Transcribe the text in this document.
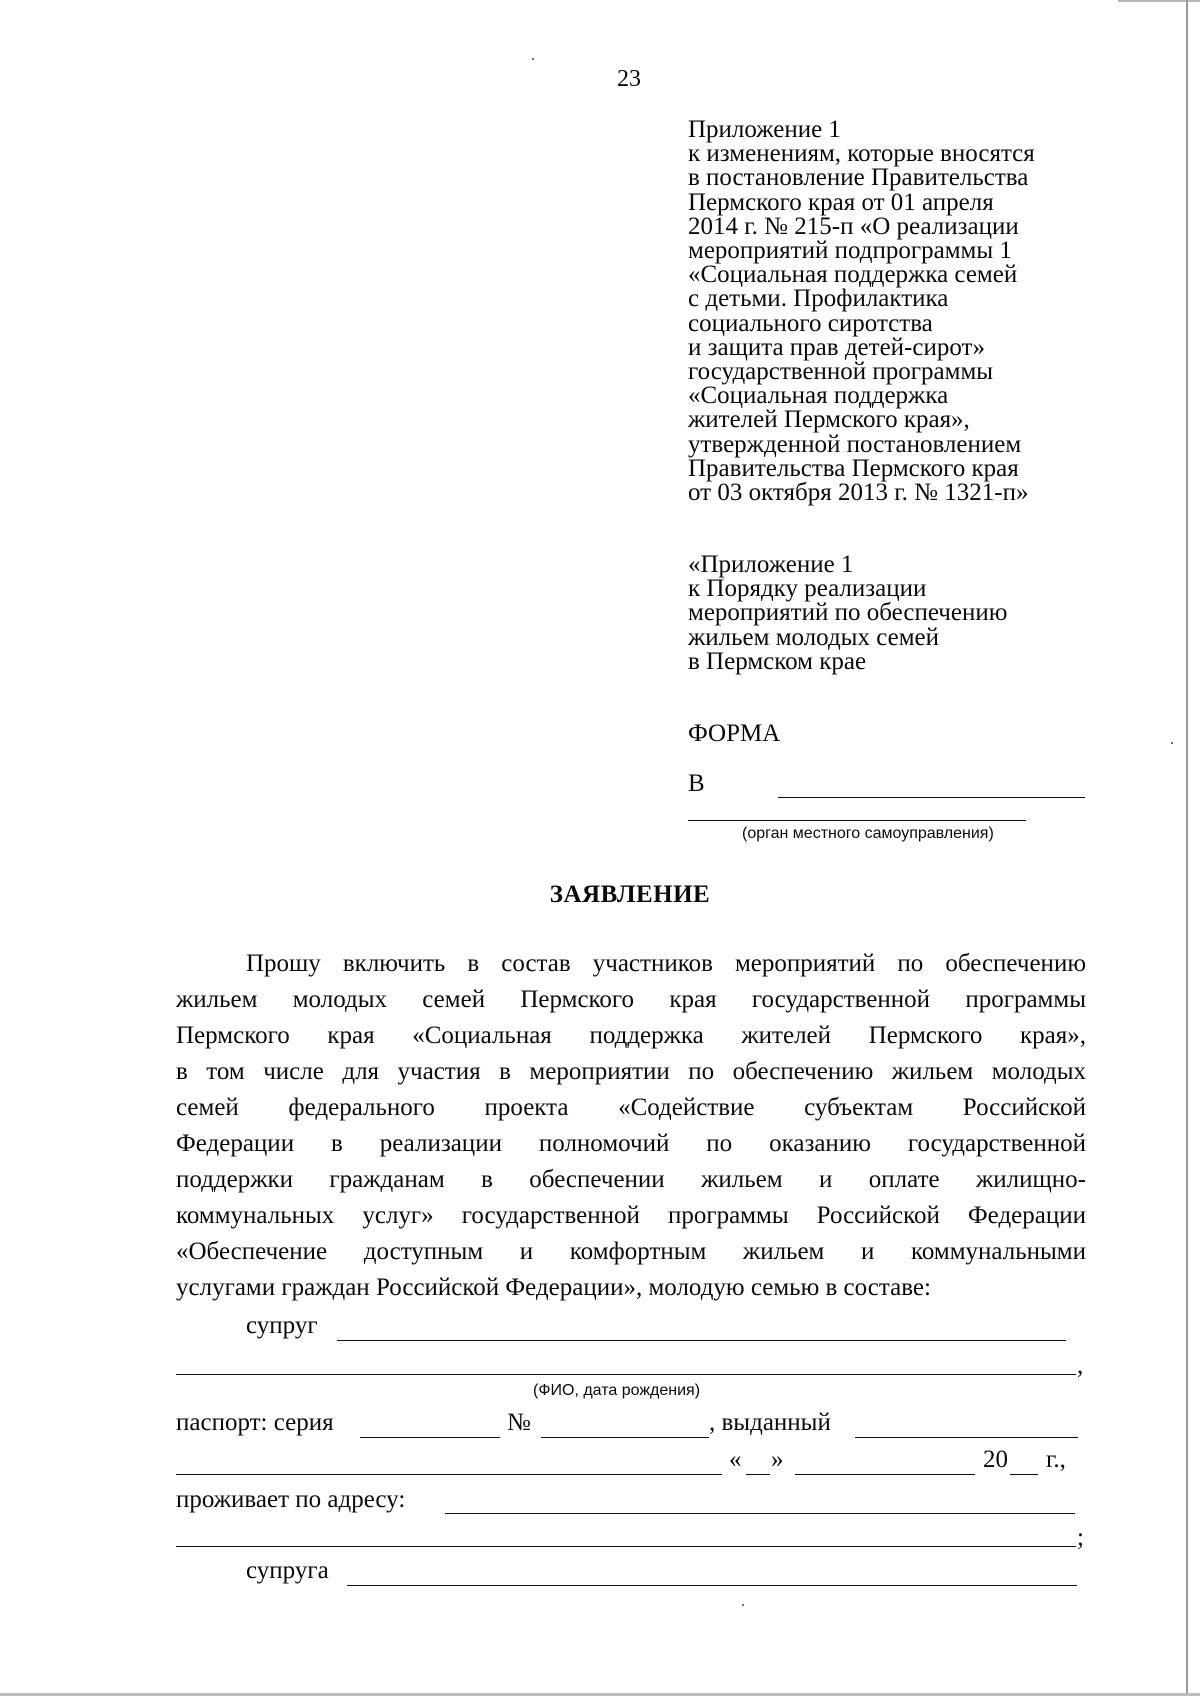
23
Приложение 1
к изменениям, которые вносятся
в постановление Правительства
Пермского края от 01 апреля
2014 г. № 215-п «О реализации
мероприятий подпрограммы 1
«Социальная поддержка семей
с детьми. Профилактика
социального сиротства
и защита прав детей-сирот»
государственной программы
«Социальная поддержка
жителей Пермского края»,
утвержденной постановлением
Правительства Пермского края
от 03 октября 2013 г. № 1321-п»
«Приложение 1
к Порядку реализации
мероприятий по обеспечению
жильем молодых семей
в Пермском крае
ФОРМА
В
(орган местного самоуправления)
ЗАЯВЛЕНИЕ
Прошу включить в состав участников мероприятий по обеспечению
жильем молодых семей Пермского края государственной программы
Пермского края «Социальная поддержка жителей Пермского края»,
в том числе для участия в мероприятии по обеспечению жильем молодых
семей федерального проекта «Содействие субъектам Российской
Федерации в реализации полномочий по оказанию государственной
поддержки гражданам в обеспечении жильем и оплате жилищно-
коммунальных услуг» государственной программы Российской Федерации
«Обеспечение доступным и комфортным жильем и коммунальными
услугами граждан Российской Федерации», молодую семью в составе:
супруг
,
(ФИО, дата рождения)
паспорт: серия	№	, выданный
« »	20 г.,
проживает по адресу:
;
супруга
